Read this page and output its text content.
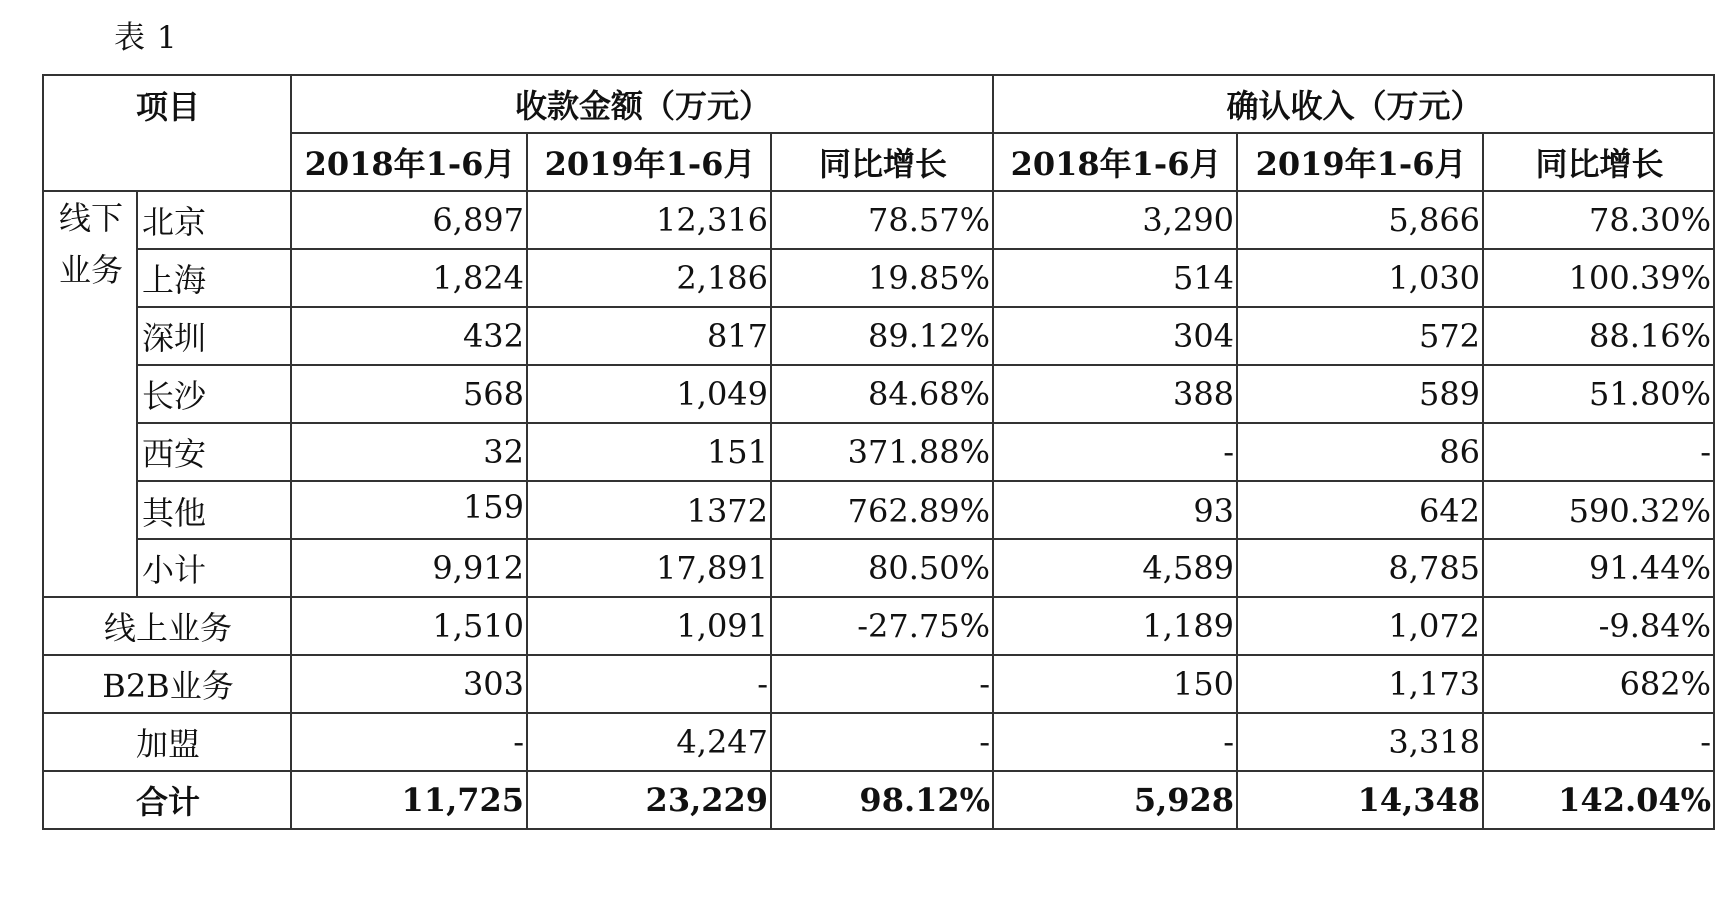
表 1
项目		收款金额（万元）			确认收入（万元）		
		2018年1-6月	2019年1-6月	同比增长	2018年1-6月	2019年1-6月	同比增长

线下
业务	北京	6,897	12,316	78.57%	3,290	5,866	78.30%
	上海	1,824	2,186	19.85%	514	1,030	100.39%
	深圳	432	817	89.12%	304	572	88.16%
	长沙	568	1,049	84.68%	388	589	51.80%
	西安	32	151	371.88%	-	86	-
	其他	159	1372	762.89%	93	642	590.32%
	小计	9,912	17,891	80.50%	4,589	8,785	91.44%
线上业务		1,510	1,091	-27.75%	1,189	1,072	-9.84%
B2B业务		303	-	-	150	1,173	682%
加盟		-	4,247	-	-	3,318	-
合计		11,725	23,229	98.12%	5,928	14,348	142.04%
